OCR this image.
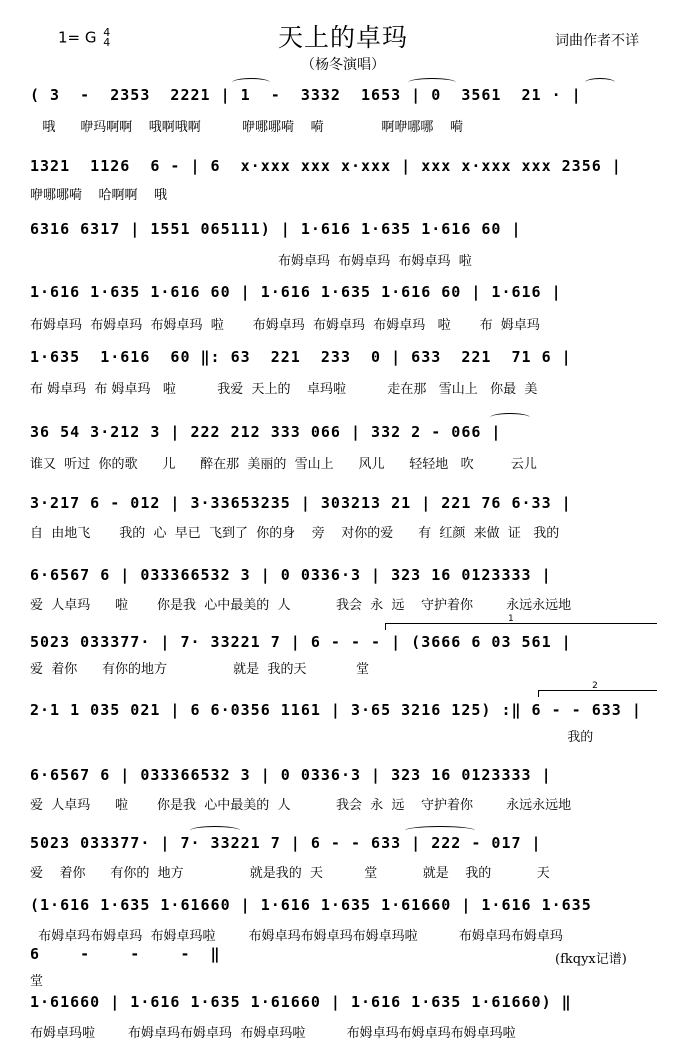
1= G 4
4	天上的卓玛
（杨冬演唱）
词曲作者不详
( 3  -  2353  2221 | 1  -  3332  1653 | 0  3561  21 · |
哦      咿玛啊啊    哦啊哦啊          咿哪哪嗬    嗬              啊咿哪哪    嗬
1321  1126  6 - | 6  x·xxx xxx x·xxx | xxx x·xxx xxx 2356 |
咿哪哪嗬    哈啊啊    哦
6316 6317 | 1551 065111) | 1·616 1·635 1·616 60 |
布姆卓玛  布姆卓玛  布姆卓玛  啦
1·616 1·635 1·616 60 | 1·616 1·635 1·616 60 | 1·616 |
布姆卓玛  布姆卓玛  布姆卓玛  啦       布姆卓玛  布姆卓玛  布姆卓玛   啦       布  姆卓玛
1·635  1·616  60 ‖: 63  221  233  0 | 633  221  71 6 |
布 姆卓玛  布 姆卓玛   啦          我爱  天上的    卓玛啦          走在那   雪山上   你最  美
36 54 3·212 3 | 222 212 333 066 | 332 2 - 066 |
谁又  听过  你的歌      儿      醉在那  美丽的  雪山上      风儿      轻轻地   吹         云儿
3·217 6 - 012 | 3·33653235 | 303213 21 | 221 76 6·33 |
自  由地飞       我的  心  早已  飞到了  你的身    旁    对你的爱      有  红颜  来做  证   我的
6·6567 6 | 033366532 3 | 0 0336·3 | 323 16 0123333 |
爱  人卓玛      啦       你是我  心中最美的  人           我会  永  远    守护着你        永远永远地
1
5023 033377· | 7· 33221 7 | 6 - - - | (3666 6 03 561 |
爱  着你      有你的地方                就是  我的天            堂
2
2·1 1 035 021 | 6 6·0356 1161 | 3·65 3216 125) :‖ 6 - - 633 |
我的
6·6567 6 | 033366532 3 | 0 0336·3 | 323 16 0123333 |
爱  人卓玛      啦       你是我  心中最美的  人           我会  永  远    守护着你        永远永远地
5023 033377· | 7· 33221 7 | 6 - - 633 | 222 - 017 |
爱    着你      有你的  地方                就是我的  天          堂           就是    我的           天
(1·616 1·635 1·61660 | 1·616 1·635 1·61660 | 1·616 1·635
布姆卓玛布姆卓玛  布姆卓玛啦        布姆卓玛布姆卓玛布姆卓玛啦          布姆卓玛布姆卓玛
6    -    -    -  ‖	(fkqyx记谱)
堂
1·61660 | 1·616 1·635 1·61660 | 1·616 1·635 1·61660) ‖
布姆卓玛啦        布姆卓玛布姆卓玛  布姆卓玛啦          布姆卓玛布姆卓玛布姆卓玛啦
